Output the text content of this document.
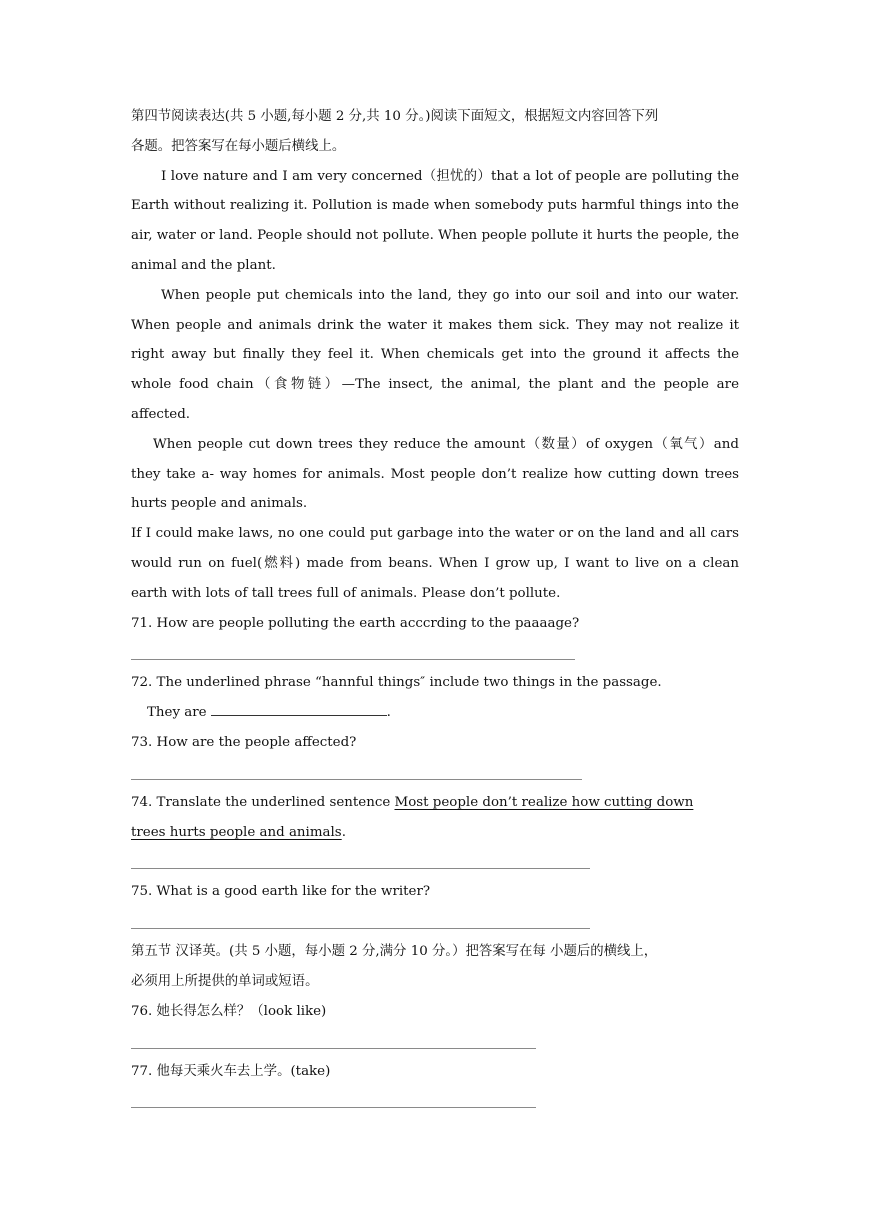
第四节阅读表达(共 5 小题,每小题 2 分,共 10 分。)阅读下面短文，根据短文内容回答下列

各题。把答案写在每小题后横线上。

I love nature and I am very concerned（担忧的）that a lot of people are polluting the Earth without realizing it. Pollution is made when somebody puts harmful things into the air, water or land. People should not pollute. When people pollute it hurts the people, the animal and the plant.

When people put chemicals into the land, they go into our soil and into our water. When people and animals drink the water it makes them sick. They may not realize it right away but finally they feel it. When chemicals get into the ground it affects the whole food chain（食物链）—The insect, the animal, the plant and the people are affected.

When people cut down trees they reduce the amount（数量）of oxygen（氧气）and they take a- way homes for animals. Most people don’t realize how cutting down trees hurts people and animals.

If I could make laws, no one could put garbage into the water or on the land and all cars would run on fuel(燃料) made from beans. When I grow up, I want to live on a clean earth with lots of tall trees full of animals. Please don’t pollute.

71. How are people polluting the earth acccrding to the paaaage?

72. The underlined phrase “hannful things″ include two things in the passage.

They are	.

73. How are the people affected?

74. Translate the underlined sentence Most people don’t realize how cutting down

trees hurts people and animals.

75. What is a good earth like for the writer?

第五节 汉译英。(共 5 小题，每小题 2 分,满分 10 分。）把答案写在每 小题后的横线上，

必须用上所提供的单词或短语。

76. 她长得怎么样？（look like)

77. 他每天乘火车去上学。(take)
